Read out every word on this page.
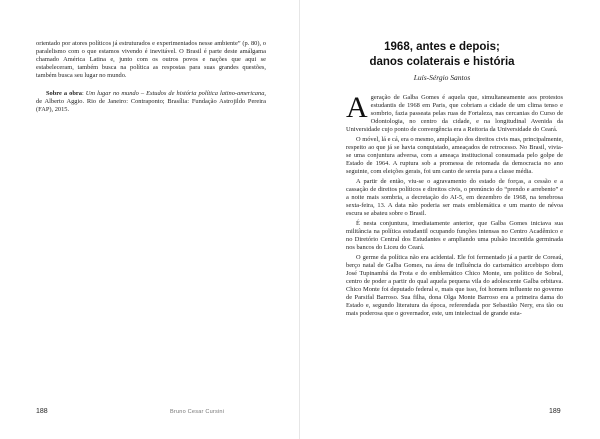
orientado por atores políticos já estruturados e experimentados nesse ambiente” (p. 80), o paralelismo com o que estamos vivendo é inevitável. O Brasil é parte deste amálgama chamado América Latina e, junto com os outros povos e nações que aqui se estabeleceram, também busca na política as respostas para suas grandes questões, também busca seu lugar no mundo.

Sobre a obra: Um lugar no mundo – Estudos de história política latino-americana, de Alberto Aggio. Rio de Janeiro: Contraponto; Brasília: Fundação Astrojildo Pereira (FAP), 2015.

188	Bruno Cesar Cursini
1968, antes e depois;
danos colaterais e história
Luís-Sérgio Santos

Ageração de Galba Gomes é aquela que, simultaneamente aos protestos estudantis de 1968 em Paris, que cobriam a cidade de um clima tenso e sombrio, fazia passeata pelas ruas de Fortaleza, nas cercanias do Curso de Odontologia, no centro da cidade, e na longitudinal Avenida da Universidade cujo ponto de convergência era a Reitoria da Universidade do Ceará.

O móvel, lá e cá, era o mesmo, ampliação dos direitos civis mas, principalmente, respeito ao que já se havia conquistado, ameaçados de retrocesso. No Brasil, vivia-se uma conjuntura adversa, com a ameaça institucional consumada pelo golpe de Estado de 1964. A ruptura sob a promessa de retomada da democracia no ano seguinte, com eleições gerais, foi um canto de sereia para a classe média.

A partir de então, viu-se o agravamento do estado de forças, a cessão e a cassação de direitos políticos e direitos civis, o prenúncio do “prendo e arrebento” e a noite mais sombria, a decretação do AI-5, em dezembro de 1968, na tenebrosa sexta-feira, 13. A data não poderia ser mais emblemática e um manto de névoa escura se abateu sobre o Brasil.

É nesta conjuntura, imediatamente anterior, que Galba Gomes iniciava sua militância na política estudantil ocupando funções intensas no Centro Acadêmico e no Diretório Central dos Estudantes e ampliando uma pulsão incontida germinada nos bancos do Liceu do Ceará.

O germe da política não era acidental. Ele foi fermentado já a partir de Coreaú, berço natal de Galba Gomes, na área de influência do carismático arcebispo dom José Tupinambá da Frota e do emblemático Chico Monte, um político de Sobral, centro de poder a partir do qual aquela pequena vila do adolescente Galba orbitava. Chico Monte foi deputado federal e, mais que isso, foi homem influente no governo de Parsifal Barroso. Sua filha, dona Olga Monte Barroso era a primeira dama do Estado e, segundo literatura da época, referendada por Sebastião Nery, era tão ou mais poderosa que o governador, este, um intelectual de grande esta-

189
